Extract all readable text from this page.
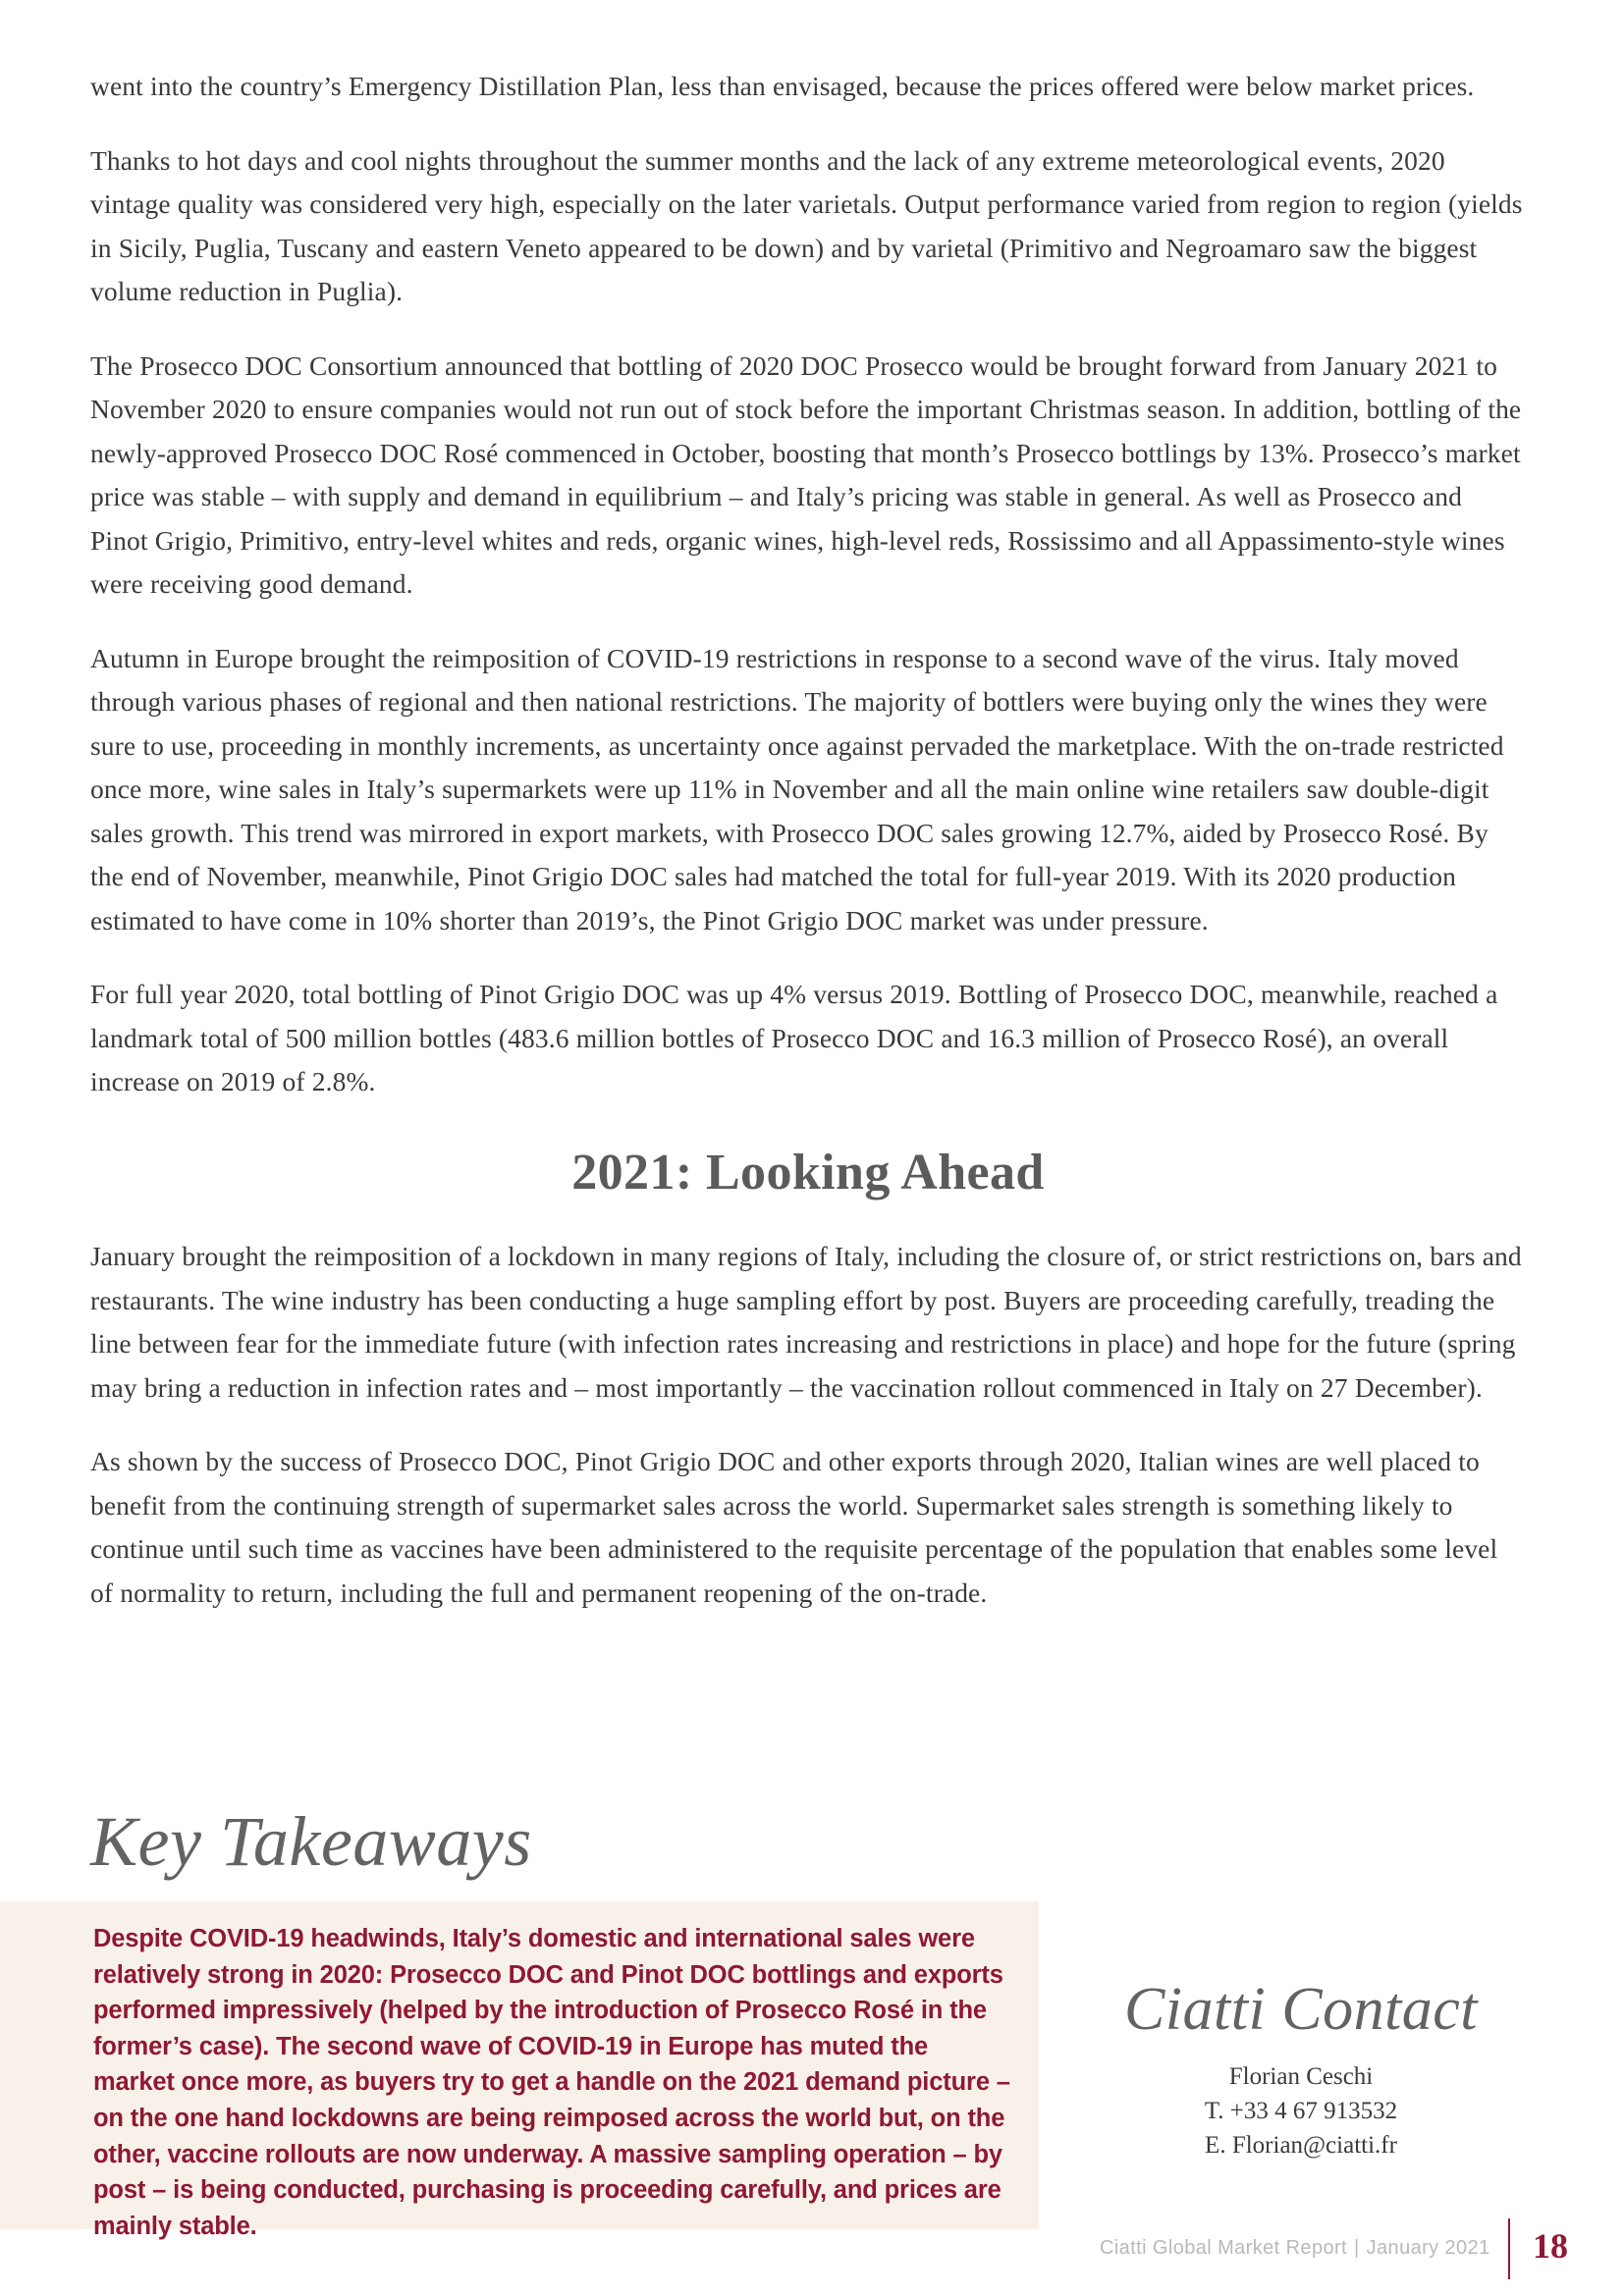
went into the country’s Emergency Distillation Plan, less than envisaged, because the prices offered were below market prices.

Thanks to hot days and cool nights throughout the summer months and the lack of any extreme meteorological events, 2020 vintage quality was considered very high, especially on the later varietals. Output performance varied from region to region (yields in Sicily, Puglia, Tuscany and eastern Veneto appeared to be down) and by varietal (Primitivo and Negroamaro saw the biggest volume reduction in Puglia).

The Prosecco DOC Consortium announced that bottling of 2020 DOC Prosecco would be brought forward from January 2021 to November 2020 to ensure companies would not run out of stock before the important Christmas season. In addition, bottling of the newly-approved Prosecco DOC Rosé commenced in October, boosting that month’s Prosecco bottlings by 13%. Prosecco’s market price was stable – with supply and demand in equilibrium – and Italy’s pricing was stable in general. As well as Prosecco and Pinot Grigio, Primitivo, entry-level whites and reds, organic wines, high-level reds, Rossissimo and all Appassimento-style wines were receiving good demand.

Autumn in Europe brought the reimposition of COVID-19 restrictions in response to a second wave of the virus. Italy moved through various phases of regional and then national restrictions. The majority of bottlers were buying only the wines they were sure to use, proceeding in monthly increments, as uncertainty once against pervaded the marketplace. With the on-trade restricted once more, wine sales in Italy’s supermarkets were up 11% in November and all the main online wine retailers saw double-digit sales growth. This trend was mirrored in export markets, with Prosecco DOC sales growing 12.7%, aided by Prosecco Rosé. By the end of November, meanwhile, Pinot Grigio DOC sales had matched the total for full-year 2019. With its 2020 production estimated to have come in 10% shorter than 2019’s, the Pinot Grigio DOC market was under pressure.

For full year 2020, total bottling of Pinot Grigio DOC was up 4% versus 2019. Bottling of Prosecco DOC, meanwhile, reached a landmark total of 500 million bottles (483.6 million bottles of Prosecco DOC and 16.3 million of Prosecco Rosé), an overall increase on 2019 of 2.8%.

2021: Looking Ahead

January brought the reimposition of a lockdown in many regions of Italy, including the closure of, or strict restrictions on, bars and restaurants. The wine industry has been conducting a huge sampling effort by post. Buyers are proceeding carefully, treading the line between fear for the immediate future (with infection rates increasing and restrictions in place) and hope for the future (spring may bring a reduction in infection rates and – most importantly – the vaccination rollout commenced in Italy on 27 December).

As shown by the success of Prosecco DOC, Pinot Grigio DOC and other exports through 2020, Italian wines are well placed to benefit from the continuing strength of supermarket sales across the world. Supermarket sales strength is something likely to continue until such time as vaccines have been administered to the requisite percentage of the population that enables some level of normality to return, including the full and permanent reopening of the on-trade.

Key Takeaways
Despite COVID-19 headwinds, Italy’s domestic and international sales were relatively strong in 2020: Prosecco DOC and Pinot DOC bottlings and exports performed impressively (helped by the introduction of Prosecco Rosé in the former’s case). The second wave of COVID-19 in Europe has muted the market once more, as buyers try to get a handle on the 2021 demand picture – on the one hand lockdowns are being reimposed across the world but, on the other, vaccine rollouts are now underway. A massive sampling operation – by post – is being conducted, purchasing is proceeding carefully, and prices are mainly stable.
Ciatti Contact
Florian Ceschi
T. +33 4 67 913532
E. Florian@ciatti.fr
Ciatti Global Market Report | January 2021 18
